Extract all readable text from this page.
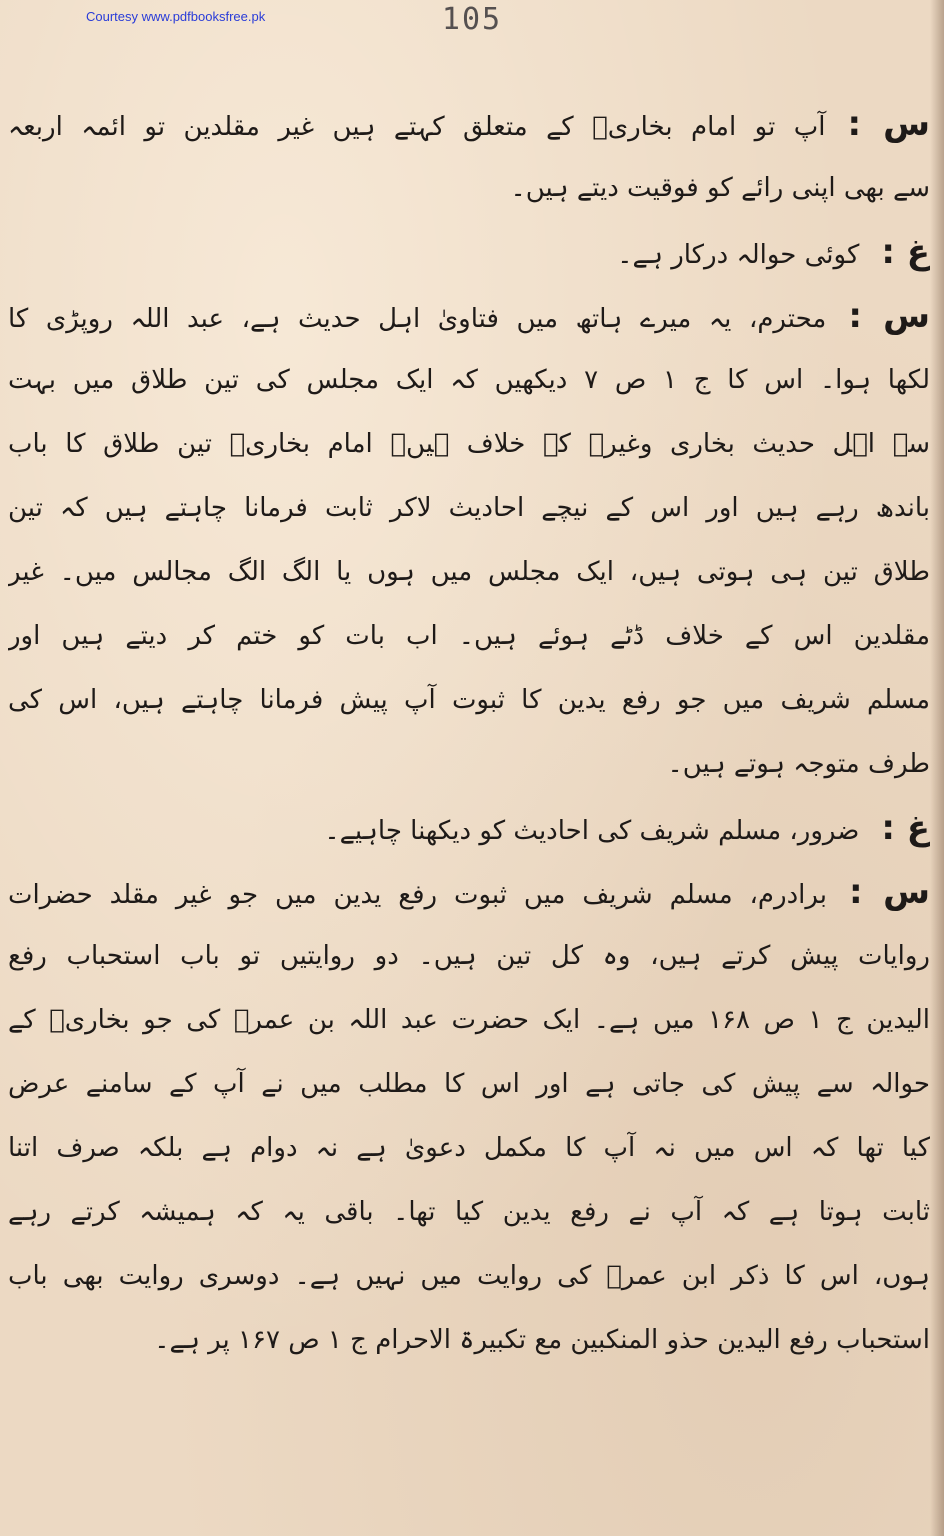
Courtesy www.pdfbooksfree.pk	105
س :آپ تو امام بخاریؒ کے متعلق کہتے ہیں غیر مقلدین تو ائمہ اربعہ
سے بھی اپنی رائے کو فوقیت دیتے ہیں۔
غ :کوئی حوالہ درکار ہے۔
س :محترم، یہ میرے ہاتھ میں فتاویٰ اہل حدیث ہے، عبد اللہ روپڑی کا
لکھا ہوا۔ اس کا ج ۱ ص ۷ دیکھیں کہ ایک مجلس کی تین طلاق میں بہت
سے اہل حدیث بخاری وغیرہ کے خلاف ہیں۔ امام بخاریؒ تین طلاق کا باب
باندھ رہے ہیں اور اس کے نیچے احادیث لاکر ثابت فرمانا چاہتے ہیں کہ تین
طلاق تین ہی ہوتی ہیں، ایک مجلس میں ہوں یا الگ الگ مجالس میں۔ غیر
مقلدین اس کے خلاف ڈٹے ہوئے ہیں۔ اب بات کو ختم کر دیتے ہیں اور
مسلم شریف میں جو رفع یدین کا ثبوت آپ پیش فرمانا چاہتے ہیں، اس کی
طرف متوجہ ہوتے ہیں۔
غ :ضرور، مسلم شریف کی احادیث کو دیکھنا چاہیے۔
س :برادرم، مسلم شریف میں ثبوت رفع یدین میں جو غیر مقلد حضرات
روایات پیش کرتے ہیں، وہ کل تین ہیں۔ دو روایتیں تو باب استحباب رفع
الیدین ج ۱ ص ۱۶۸ میں ہے۔ ایک حضرت عبد اللہ بن عمرؓ کی جو بخاریؒ کے
حوالہ سے پیش کی جاتی ہے اور اس کا مطلب میں نے آپ کے سامنے عرض
کیا تھا کہ اس میں نہ آپ کا مکمل دعویٰ ہے نہ دوام ہے بلکہ صرف اتنا
ثابت ہوتا ہے کہ آپ نے رفع یدین کیا تھا۔ باقی یہ کہ ہمیشہ کرتے رہے
ہوں، اس کا ذکر ابن عمرؓ کی روایت میں نہیں ہے۔ دوسری روایت بھی باب
استحباب رفع الیدین حذو المنکبین مع تکبیرۃ الاحرام ج ۱ ص ۱۶۷ پر ہے۔
